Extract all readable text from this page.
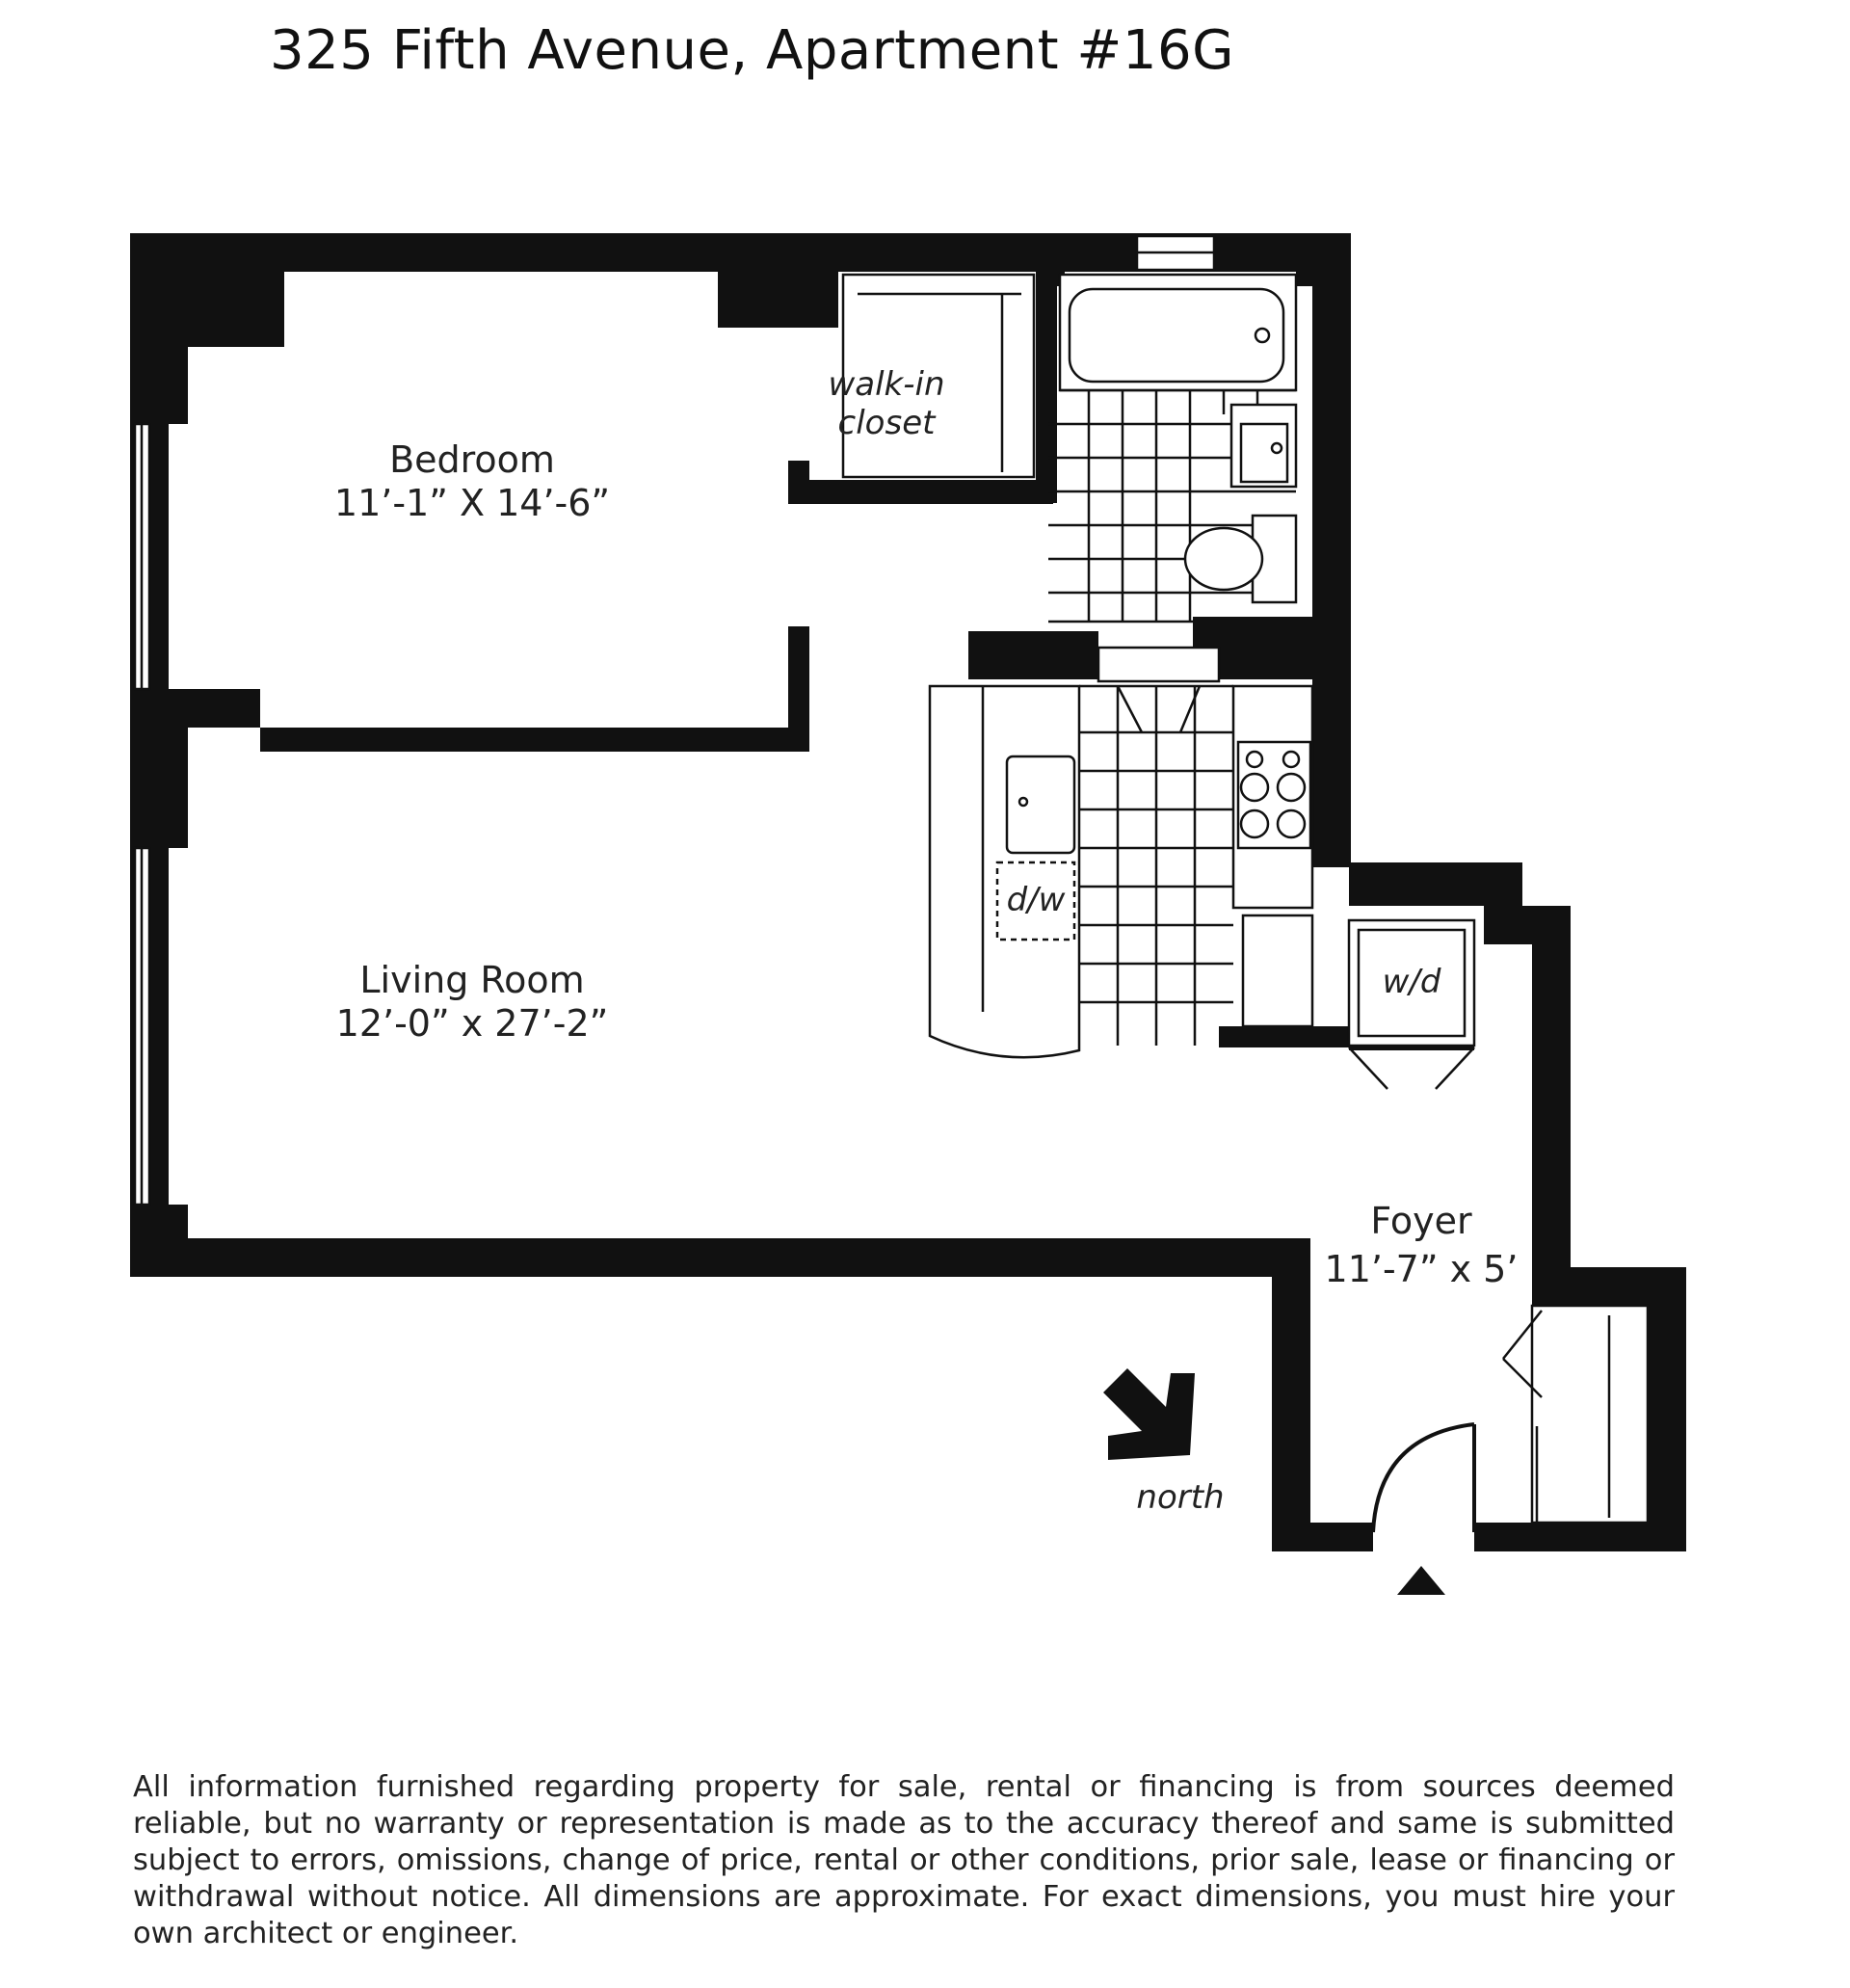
325 Fifth Avenue, Apartment #16G
Bedroom
11’-1” X 14’-6”
walk-in
closet
Living Room
12’-0” x 27’-2”
Foyer
11’-7” x 5’
d/w
w/d
north
All information furnished regarding property for sale, rental or financing is from sources deemed reliable, but no warranty or representation is made as to the accuracy thereof and same is submitted subject to errors, omissions, change of price, rental or other conditions, prior sale, lease or financing or withdrawal without notice. All dimensions are approximate. For exact dimensions, you must hire your own architect or engineer.
